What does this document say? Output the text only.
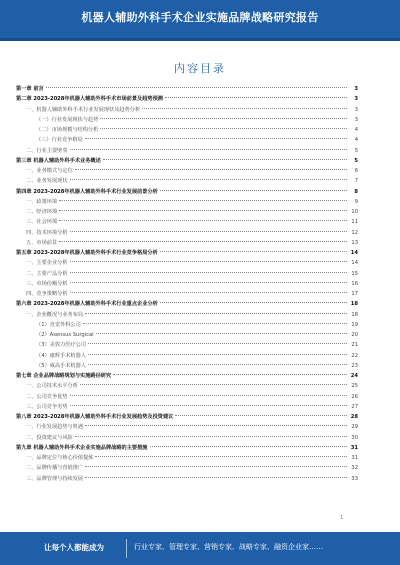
机器人辅助外科手术企业实施品牌战略研究报告
内容目录
第一章 前言	3
第二章 2023-2028年机器人辅助外科手术市场前景及趋势预测	3
一、机器人辅助外科手术行业发展现状及趋势分析	3
（一）行业发展现状与趋势	3
（二）市场规模与结构分析	4
（三）行业竞争格局	4
二、行业主要壁垒	5
第三章 机器人辅助外科手术业务概述	5
一、业务模式与定位	6
二、业务发展现状	7
第四章 2023-2028年机器人辅助外科手术行业发展前景分析	8
一、政策环境	9
二、经济环境	10
三、社会环境	11
四、技术环境分析	12
五、市场前景	13
第五章 2023-2028年机器人辅助外科手术行业竞争格局分析	14
一、主要企业分析	14
二、主要产品分析	15
三、市场份额分析	16
四、竞争策略分析	17
第六章 2023-2028年机器人辅助外科手术行业重点企业分析	18
一、企业概况与业务布局	18
（1）直觉外科公司	19
（2）Asensus Surgical	20
（3）美敦力医疗公司	21
（4）康辉手术机器人	22
（5）威高手术机器人	23
第七章 企业品牌战略规划与实施路径研究	24
一、公司技术水平分析	25
二、公司竞争优势	26
三、公司竞争劣势	27
第八章 2023-2028年机器人辅助外科手术行业发展趋势及投资建议	28
一、行业发展趋势与机遇	29
二、投资建议与风险	30
第九章 机器人辅助外科手术企业实施品牌战略的主要措施	31
一、品牌定位与核心价值提炼	31
二、品牌传播与营销推广	32
三、品牌管理与持续发展	33
1
让每个人都能成为	行业专家、管理专家、营销专家、战略专家、融资企业家……
